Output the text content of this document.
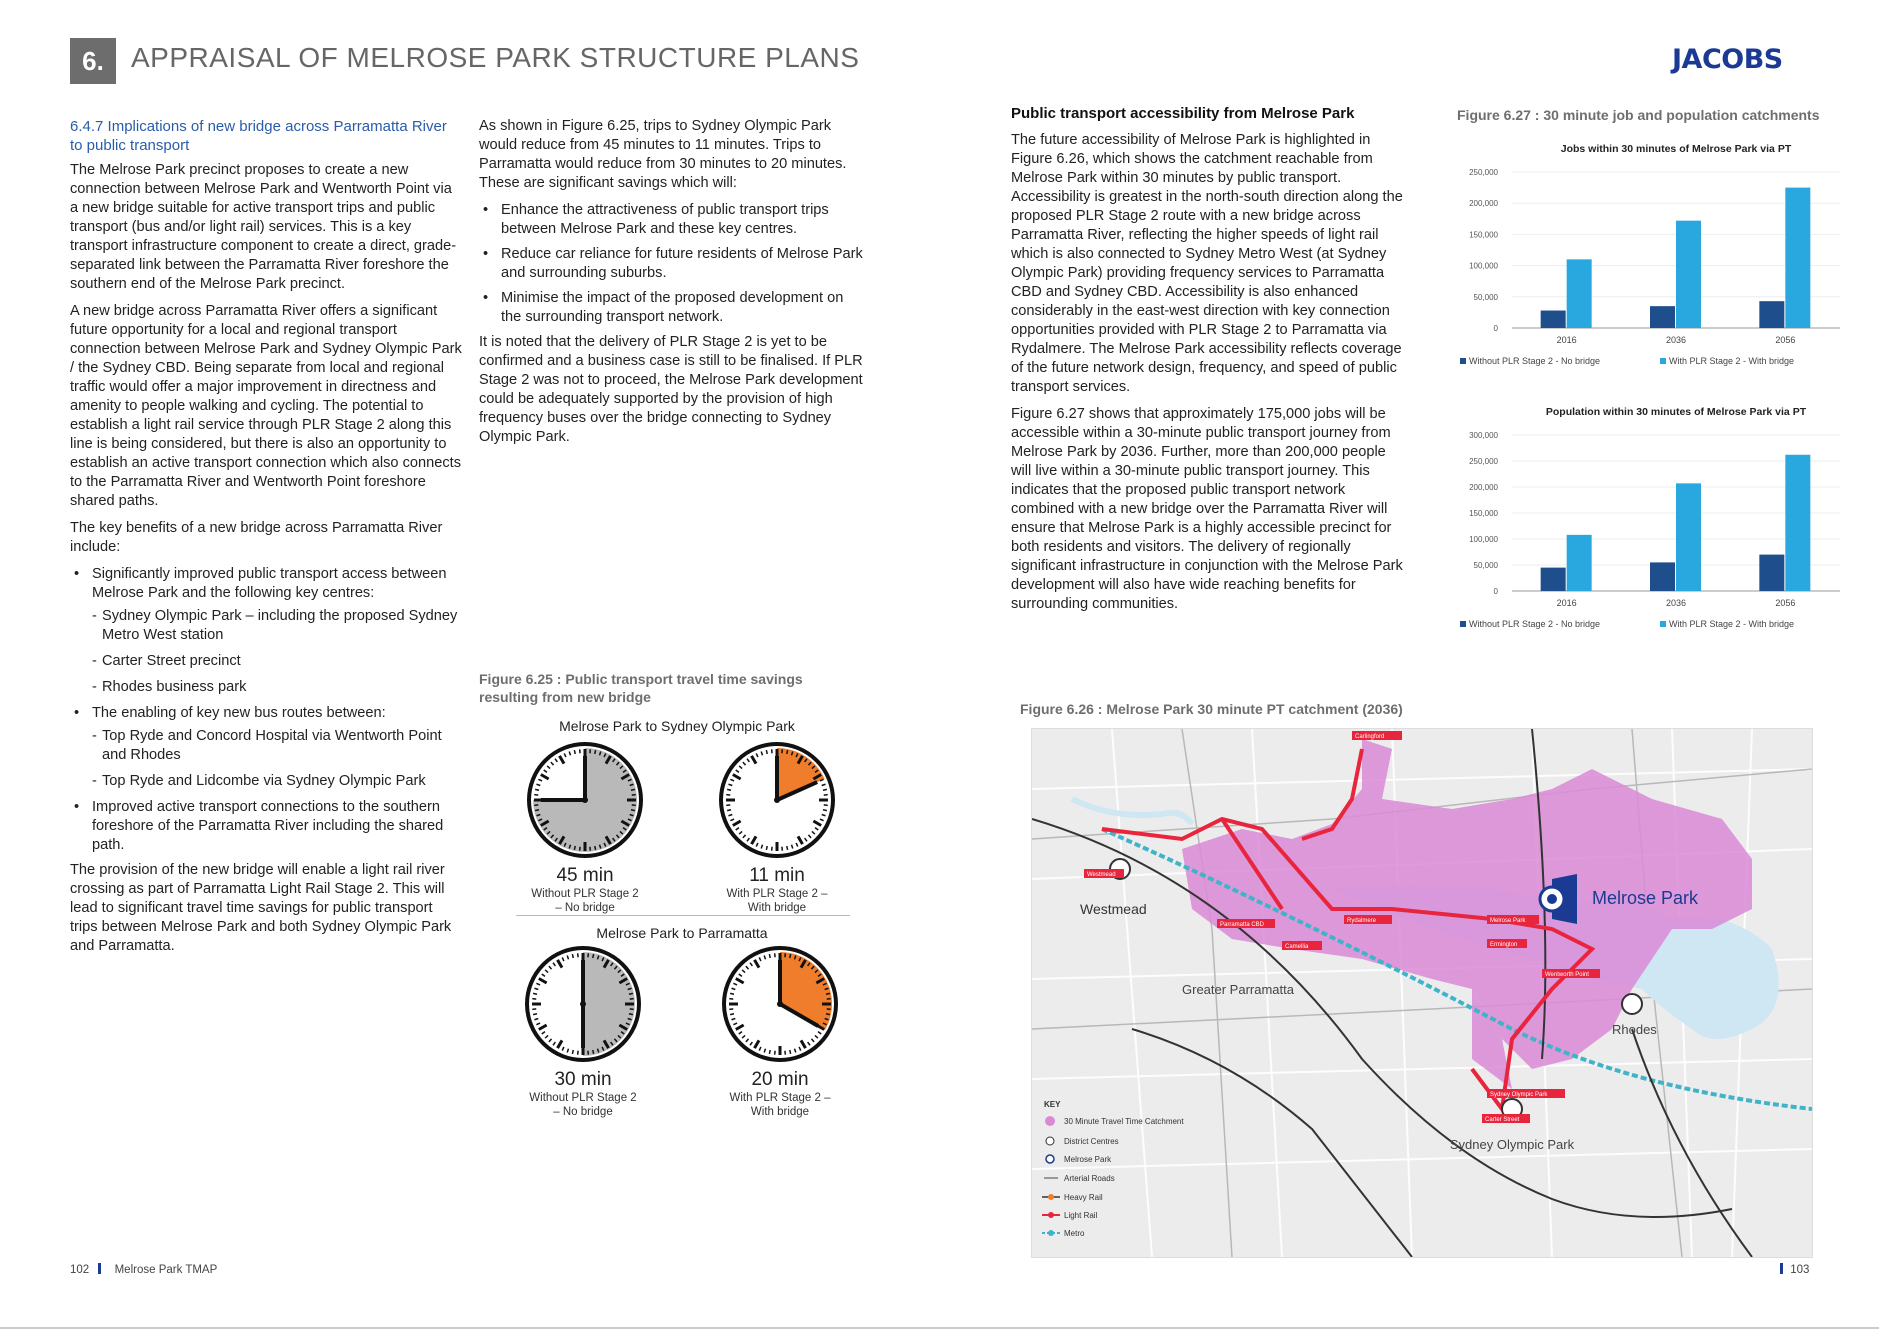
6. APPRAISAL OF MELROSE PARK STRUCTURE PLANS	JACOBS
6.4.7 Implications of new bridge across Parramatta River to public transport

The Melrose Park precinct proposes to create a new connection between Melrose Park and Wentworth Point via a new bridge suitable for active transport trips and public transport (bus and/or light rail) services. This is a key transport infrastructure component to create a direct, grade-separated link between the Parramatta River foreshore the southern end of the Melrose Park precinct.

A new bridge across Parramatta River offers a significant future opportunity for a local and regional transport connection between Melrose Park and Sydney Olympic Park / the Sydney CBD. Being separate from local and regional traffic would offer a major improvement in directness and amenity to people walking and cycling. The potential to establish a light rail service through PLR Stage 2 along this line is being considered, but there is also an opportunity to establish an active transport connection which also connects to the Parramatta River and Wentworth Point foreshore shared paths.

The key benefits of a new bridge across Parramatta River include:

• Significantly improved public transport access between Melrose Park and the following key centres:
- Sydney Olympic Park – including the proposed Sydney Metro West station
- Carter Street precinct
- Rhodes business park
• The enabling of key new bus routes between:
- Top Ryde and Concord Hospital via Wentworth Point and Rhodes
- Top Ryde and Lidcombe via Sydney Olympic Park
• Improved active transport connections to the southern foreshore of the Parramatta River including the shared path.

The provision of the new bridge will enable a light rail river crossing as part of Parramatta Light Rail Stage 2. This will lead to significant travel time savings for public transport trips between Melrose Park and both Sydney Olympic Park and Parramatta.

As shown in Figure 6.25, trips to Sydney Olympic Park would reduce from 45 minutes to 11 minutes. Trips to Parramatta would reduce from 30 minutes to 20 minutes. These are significant savings which will:

• Enhance the attractiveness of public transport trips between Melrose Park and these key centres.
• Reduce car reliance for future residents of Melrose Park and surrounding suburbs.
• Minimise the impact of the proposed development on the surrounding transport network.

It is noted that the delivery of PLR Stage 2 is yet to be confirmed and a business case is still to be finalised. If PLR Stage 2 was not to proceed, the Melrose Park development could be adequately supported by the provision of high frequency buses over the bridge connecting to Sydney Olympic Park.

Figure 6.25 : Public transport travel time savings resulting from new bridge
Melrose Park to Sydney Olympic Park
45 min
Without PLR Stage 2
– No bridge
11 min
With PLR Stage 2 –
With bridge
Melrose Park to Parramatta
30 min
Without PLR Stage 2
– No bridge
20 min
With PLR Stage 2 –
With bridge
Public transport accessibility from Melrose Park

The future accessibility of Melrose Park is highlighted in Figure 6.26, which shows the catchment reachable from Melrose Park within 30 minutes by public transport. Accessibility is greatest in the north-south direction along the proposed PLR Stage 2 route with a new bridge across Parramatta River, reflecting the higher speeds of light rail which is also connected to Sydney Metro West (at Sydney Olympic Park) providing frequency services to Parramatta CBD and Sydney CBD. Accessibility is also enhanced considerably in the east-west direction with key connection opportunities provided with PLR Stage 2 to Parramatta via Rydalmere. The Melrose Park accessibility reflects coverage of the future network design, frequency, and speed of public transport services.

Figure 6.27 shows that approximately 175,000 jobs will be accessible within a 30-minute public transport journey from Melrose Park by 2036. Further, more than 200,000 people will live within a 30-minute public transport journey. This indicates that the proposed public transport network combined with a new bridge over the Parramatta River will ensure that Melrose Park is a highly accessible precinct for both residents and visitors. The delivery of regionally significant infrastructure in conjunction with the Melrose Park development will also have wide reaching benefits for surrounding communities.

Figure 6.27 : 30 minute job and population catchments
Jobs within 30 minutes of Melrose Park via PT
0
50,000
100,000
150,000
200,000
250,000
2016	2036	2056
Without PLR Stage 2 - No bridge	With PLR Stage 2 - With bridge
Population within 30 minutes of Melrose Park via PT
0
50,000
100,000
150,000
200,000
250,000
300,000
2016	2036	2056
Without PLR Stage 2 - No bridge	With PLR Stage 2 - With bridge
Figure 6.26 : Melrose Park 30 minute PT catchment (2036)
Melrose Park
Westmead
Greater Parramatta
Rhodes
Sydney Olympic Park
Westmead
Parramatta CBD
Rydalmere
Camellia
Melrose Park
Ermington
Wentworth Point
Sydney Olympic Park
Carter Street
Carlingford
KEY
30 Minute Travel Time Catchment
District Centres
Melrose Park
Arterial Roads
Heavy Rail
Light Rail
Metro
102 Melrose Park TMAP	103
